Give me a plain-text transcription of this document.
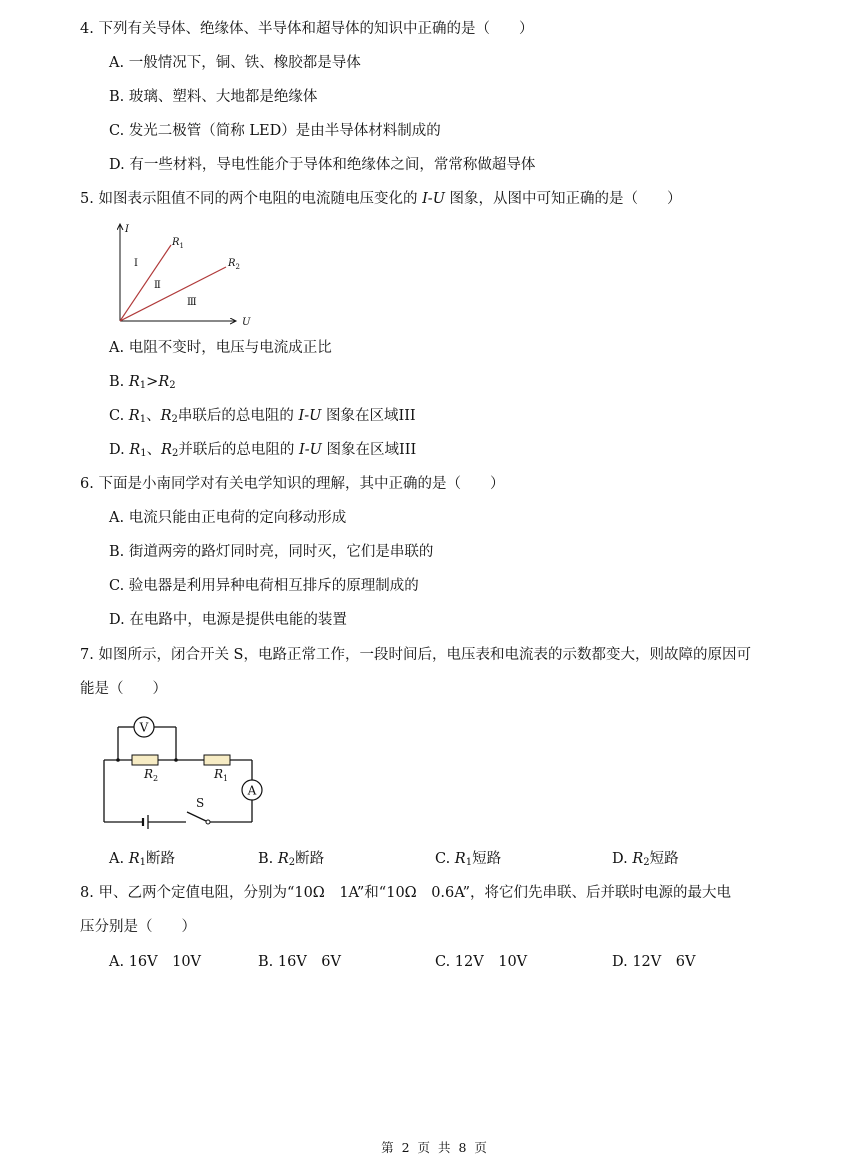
4. 下列有关导体、绝缘体、半导体和超导体的知识中正确的是（　　）
A. 一般情况下，铜、铁、橡胶都是导体
B. 玻璃、塑料、大地都是绝缘体
C. 发光二极管（简称 LED）是由半导体材料制成的
D. 有一些材料，导电性能介于导体和绝缘体之间，常常称做超导体
5. 如图表示阻值不同的两个电阻的电流随电压变化的 I-U 图象，从图中可知正确的是（　　）
I
U
$R_1$
$R_2$
Ⅰ
Ⅱ
Ⅲ
A. 电阻不变时，电压与电流成正比
B. $R_1>R_2$
C. $R_1$、$R_2$串联后的总电阻的 I-U 图象在区域III
D. $R_1$、$R_2$并联后的总电阻的 I-U 图象在区域III
6. 下面是小南同学对有关电学知识的理解，其中正确的是（　　）
A. 电流只能由正电荷的定向移动形成
B. 街道两旁的路灯同时亮，同时灭，它们是串联的
C. 验电器是利用异种电荷相互排斥的原理制成的
D. 在电路中，电源是提供电能的装置
7. 如图所示，闭合开关 S，电路正常工作，一段时间后，电压表和电流表的示数都变大，则故障的原因可
能是（　　）
A
S
V
$R_2$	$R_1$
A. $R_1$断路	B. $R_2$断路	C. $R_1$短路	D. $R_2$短路
8. 甲、乙两个定值电阻，分别为“10Ω　1A”和“10Ω　0.6A”，将它们先串联、后并联时电源的最大电
压分别是（　　）
A. 16V　10V	B. 16V　6V	C. 12V　10V	D. 12V　6V
第 2 页 共 8 页
